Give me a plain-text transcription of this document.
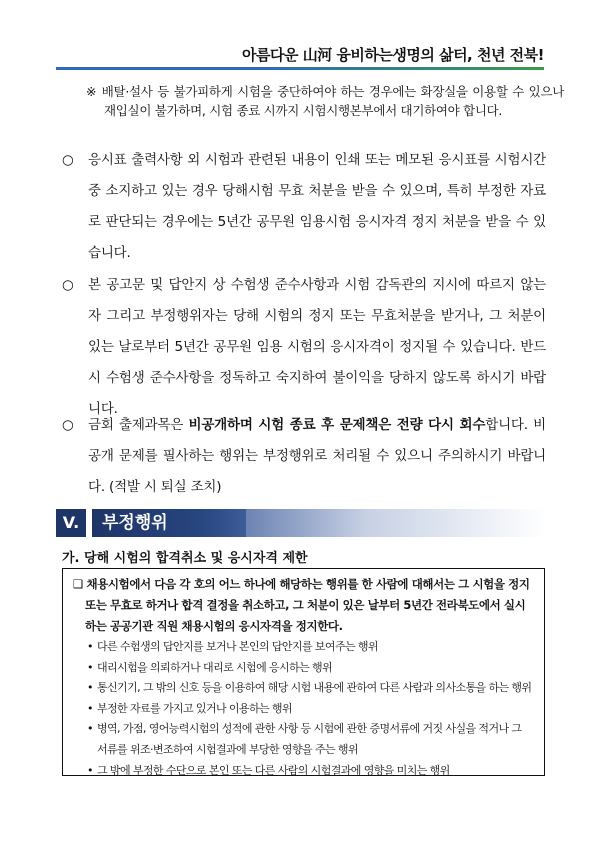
아름다운 山河 융비하는생명의 삶터, 천년 전북!
※ 배탈·설사 등 불가피하게 시험을 중단하여야 하는 경우에는 화장실을 이용할 수 있으나 재입실이 불가하며, 시험 종료 시까지 시험시행본부에서 대기하여야 합니다.
○ 응시표 출력사항 외 시험과 관련된 내용이 인쇄 또는 메모된 응시표를 시험시간 중 소지하고 있는 경우 당해시험 무효 처분을 받을 수 있으며, 특히 부정한 자료로 판단되는 경우에는 5년간 공무원 임용시험 응시자격 정지 처분을 받을 수 있습니다.
○ 본 공고문 및 답안지 상 수험생 준수사항과 시험 감독관의 지시에 따르지 않는 자 그리고 부정행위자는 당해 시험의 정지 또는 무효처분을 받거나, 그 처분이 있는 날로부터 5년간 공무원 임용 시험의 응시자격이 정지될 수 있습니다. 반드시 수험생 준수사항을 정독하고 숙지하여 불이익을 당하지 않도록 하시기 바랍니다.
○ 금회 출제과목은 비공개하며 시험 종료 후 문제책은 전량 다시 회수합니다. 비공개 문제를 필사하는 행위는 부정행위로 처리될 수 있으니 주의하시기 바랍니다. (적발 시 퇴실 조치)
V.	부정행위
가. 당해 시험의 합격취소 및 응시자격 제한
❑ 채용시험에서 다음 각 호의 어느 하나에 해당하는 행위를 한 사람에 대해서는 그 시험을 정지 또는 무효로 하거나 합격 결정을 취소하고, 그 처분이 있은 날부터 5년간 전라북도에서 실시하는 공공기관 직원 채용시험의 응시자격을 정지한다.
• 다른 수험생의 답안지를 보거나 본인의 답안지를 보여주는 행위
• 대리시험을 의뢰하거나 대리로 시험에 응시하는 행위
• 통신기기, 그 밖의 신호 등을 이용하여 해당 시험 내용에 관하여 다른 사람과 의사소통을 하는 행위
• 부정한 자료를 가지고 있거나 이용하는 행위
• 병역, 가점, 영어능력시험의 성적에 관한 사항 등 시험에 관한 증명서류에 거짓 사실을 적거나 그 서류를 위조·변조하여 시험결과에 부당한 영향을 주는 행위
• 그 밖에 부정한 수단으로 본인 또는 다른 사람의 시험결과에 영향을 미치는 행위
